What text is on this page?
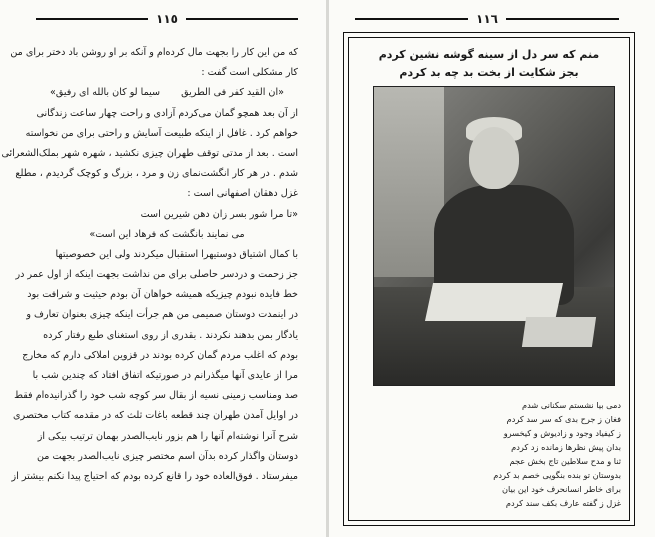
١١٥
که من این کار را بجهت مال کرده‌ام و آنکه بر او روشن باد دختر برای من
کار مشکلی است گفت :
«ان القید کفر فی الطریق
سیما لو کان بالله ای رفیق»
از آن بعد همچو گمان می‌کردم آزادی و راحت چهار ساعت زندگانی
خواهم کرد . غافل از اینکه طبیعت آسایش و راحتی برای من نخواسته
است . بعد از مدتی توقف طهران چیزی نکشید ، شهره شهر بملک‌الشعرائی
شدم . در هر کار انگشت‌نمای زن و مرد ، بزرگ و کوچک گردیدم ، مطلع
غزل دهقان اصفهانی است :
«تا مرا شور بسر زان دهن شیرین است
می نمایند بانگشت که فرهاد این است»
با کمال اشتیاق دوستیهرا استقبال میکردند ولی این خصوصیتها
جز زحمت و دردسر حاصلی برای من نداشت بجهت اینکه از اول عمر در
خط فایده نبودم چیزیکه همیشه خواهان آن بودم حیثیت و شرافت بود
در اینمدت دوستان صمیمی من هم جرأت اینکه چیزی بعنوان تعارف و
یادگار بمن بدهند نکردند . بقدری از روی استغنای طبع رفتار کرده
بودم که اغلب مردم گمان کرده بودند در قزوین املاکی دارم که مخارج
مرا از عایدی آنها میگذرانم در صورتیکه اتفاق افتاد که چندین شب با
صد ومناسب زمینی نسیه از بقال سر کوچه شب خود را گذرانیده‌ام فقط
در اوایل آمدن طهران چند قطعه باغات ثلث که در مقدمه کتاب مختصری
شرح آنرا نوشته‌ام آنها را هم بزور نایب‌الصدر بهمان ترتیب بیکی از
دوستان واگذار کرده بدآن اسم مختصر چیزی نایب‌الصدر بجهت من
میفرستاد . فوق‌العاده خود را قانع کرده بودم که احتیاج پیدا نکنم بیشتر از
١١٦
منم که سر دل از سینه گوشه نشین کردم
بجز شکایت از بخت بد چه بد کردم
دمی بیا نشستم سکنانی شدم
فغان ز جرح بدی که سر سد کردم
ز کیفیاد وجود و زادیوش و کیخسرو
بدان پیش نظرها زمانده زد کردم
ثنا و مدح سلاطین تاج بخش عجم
بدوستان تو بنده بنگویی خصم بد کردم
برای خاطر انسانحرف خود این بیان
غزل ز گفته عارف بکف سند کردم
